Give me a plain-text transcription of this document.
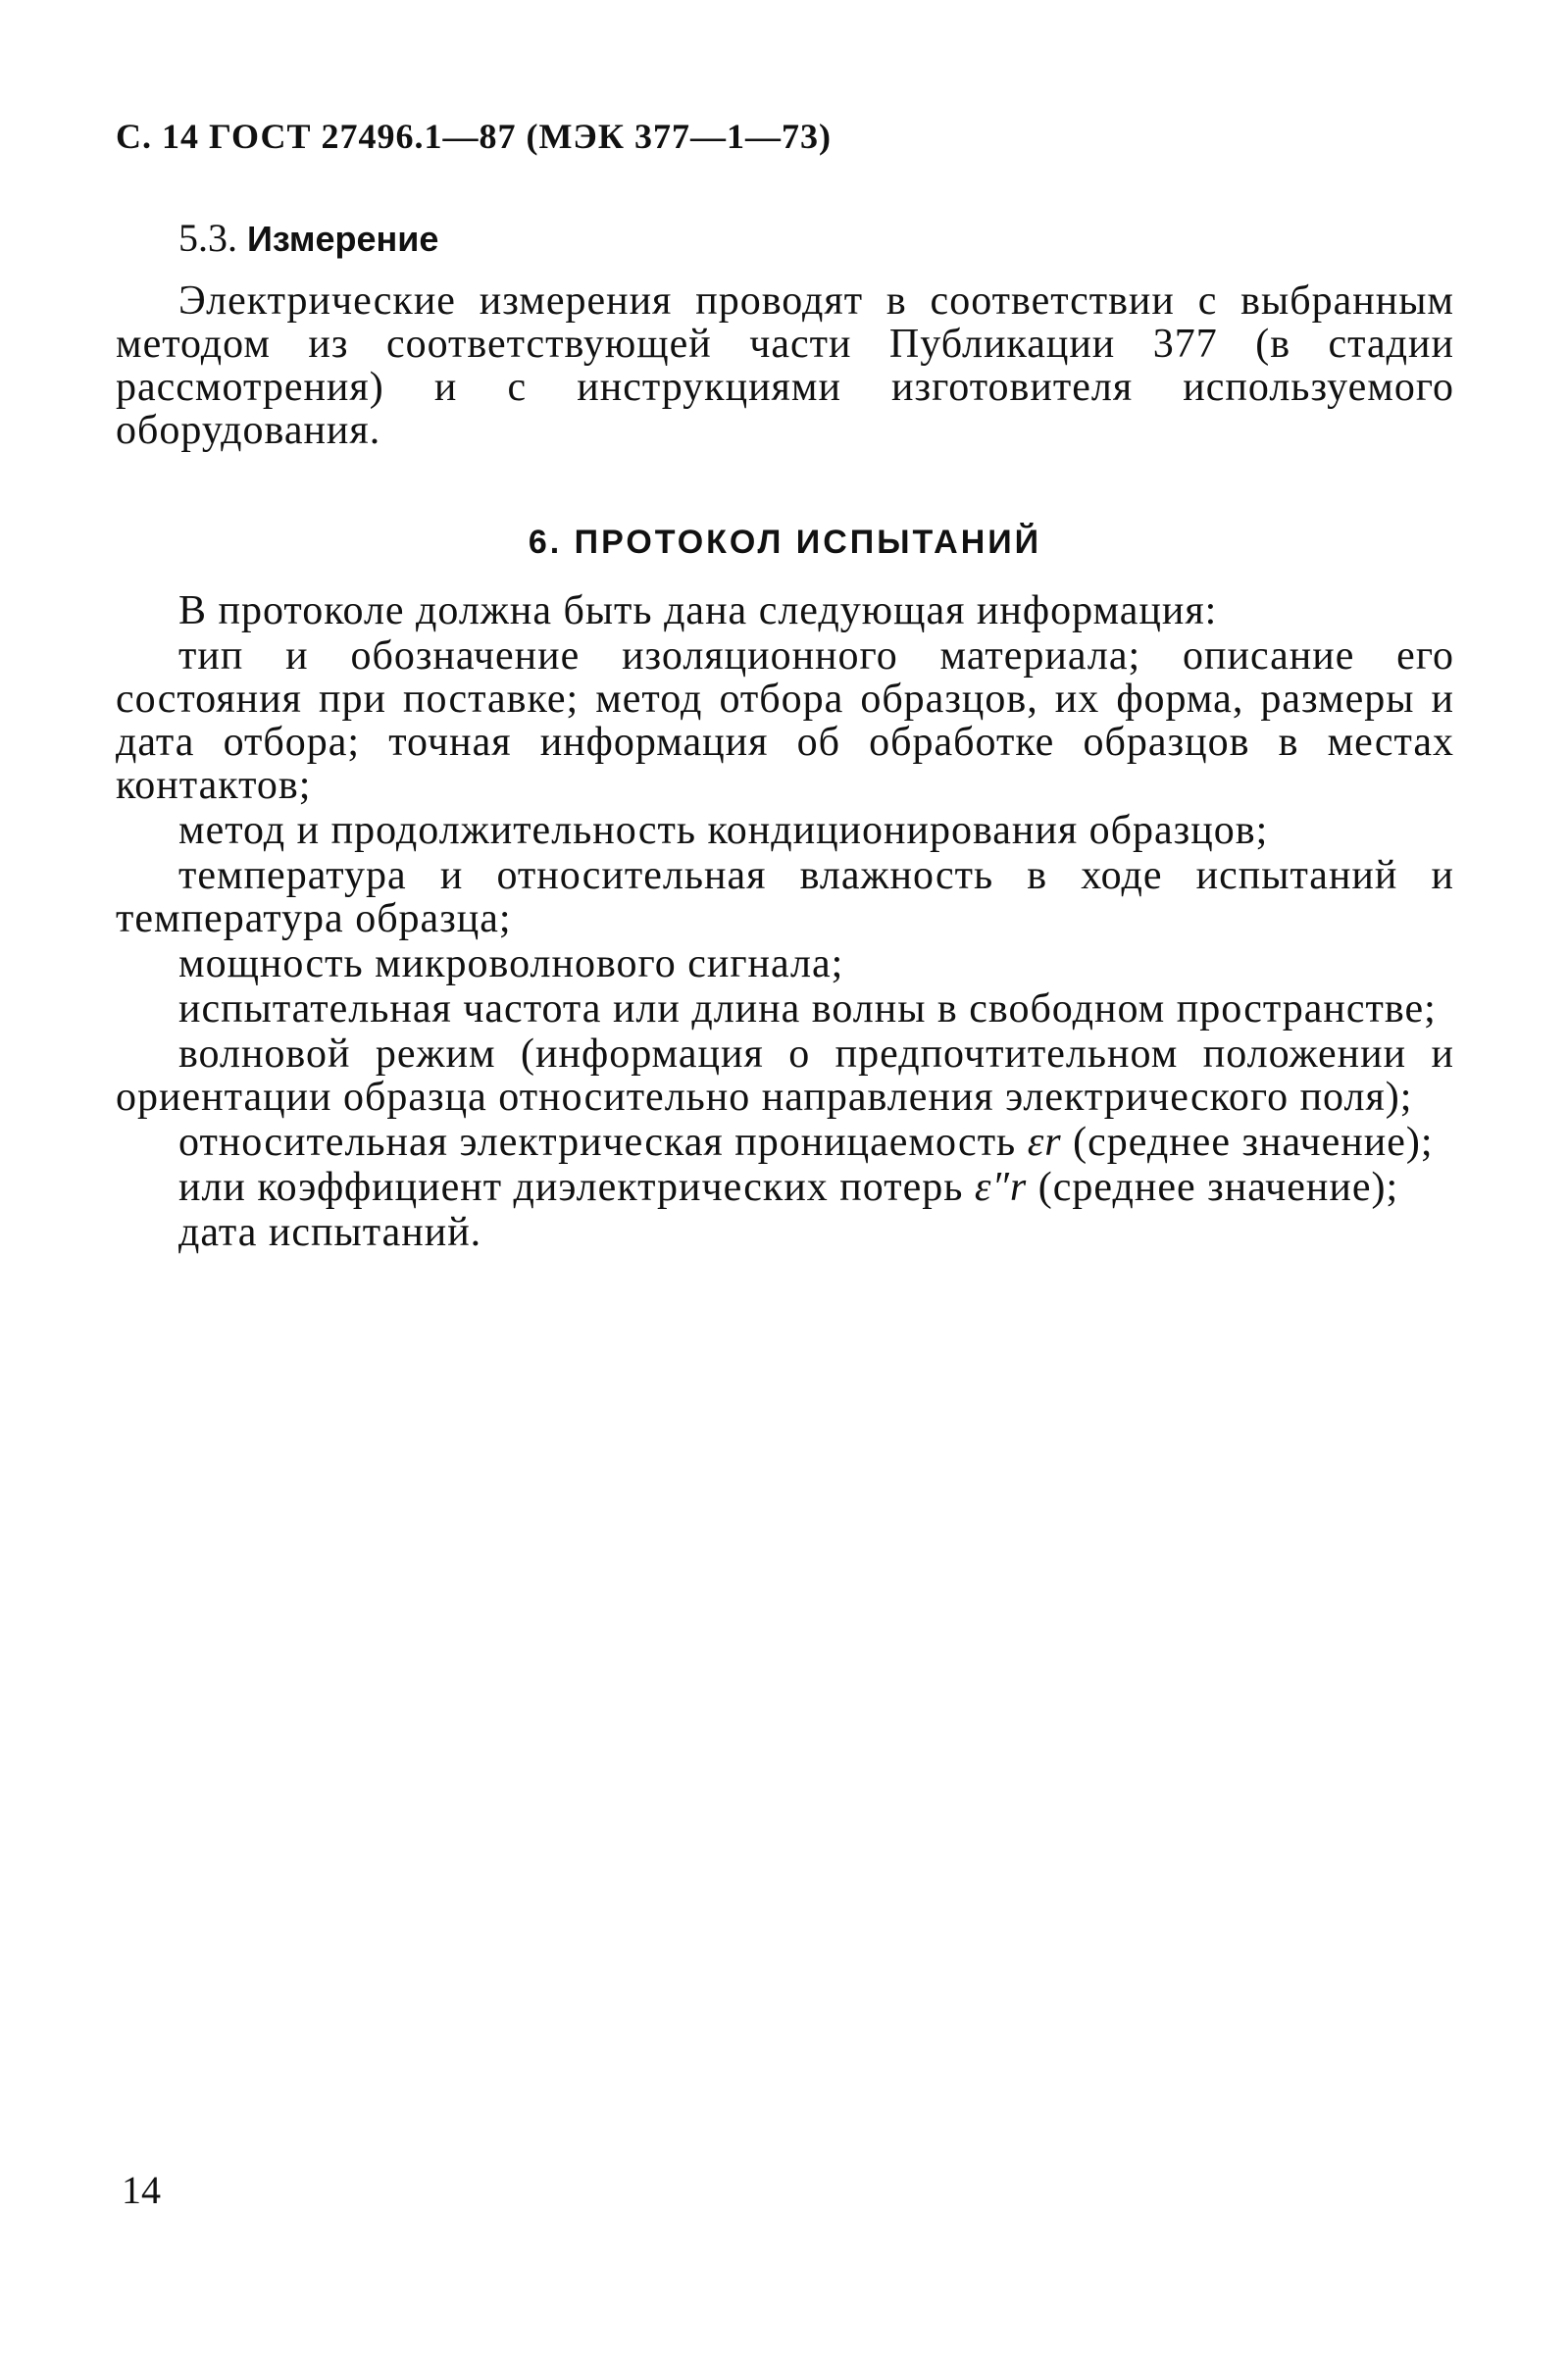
С. 14 ГОСТ 27496.1—87 (МЭК 377—1—73)
5.3. Измерение

Электрические измерения проводят в соответствии с выбранным методом из соответствующей части Публикации 377 (в стадии рассмотрения) и с инструкциями изготовителя используемого оборудования.

6. ПРОТОКОЛ ИСПЫТАНИЙ

В протоколе должна быть дана следующая информация:

тип и обозначение изоляционного материала; описание его состояния при поставке; метод отбора образцов, их форма, размеры и дата отбора; точная информация об обработке образцов в местах контактов;

метод и продолжительность кондиционирования образцов;

температура и относительная влажность в ходе испытаний и температура образца;

мощность микроволнового сигнала;

испытательная частота или длина волны в свободном пространстве;

волновой режим (информация о предпочтительном положении и ориентации образца относительно направления электрического поля);

относительная электрическая проницаемость εr (среднее значение);

или коэффициент диэлектрических потерь ε″r (среднее значение);

дата испытаний.

14
